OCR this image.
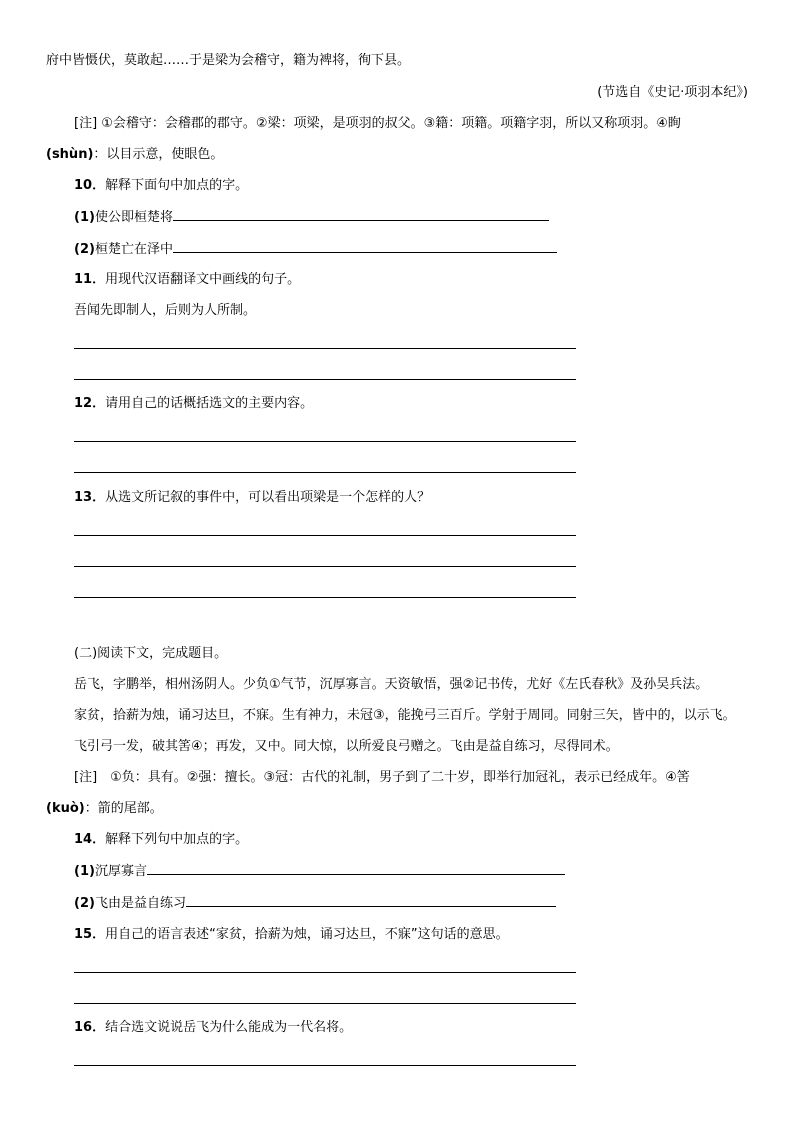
府中皆慑伏，莫敢起……于是梁为会稽守，籍为裨将，徇下县。
(节选自《史记·项羽本纪》)
[注] ①会稽守：会稽郡的郡守。②梁：项梁，是项羽的叔父。③籍：项籍。项籍字羽，所以又称项羽。④眴
(shùn)：以目示意，使眼色。
10．解释下面句中加点的字。
(1)使公即桓楚将
(2)桓楚亡在泽中
11．用现代汉语翻译文中画线的句子。
吾闻先即制人，后则为人所制。
12．请用自己的话概括选文的主要内容。
13．从选文所记叙的事件中，可以看出项梁是一个怎样的人？
(二)阅读下文，完成题目。
岳飞，字鹏举，相州汤阴人。少负①气节，沉厚寡言。天资敏悟，强②记书传，尤好《左氏春秋》及孙吴兵法。
家贫，拾薪为烛，诵习达旦，不寐。生有神力，未冠③，能挽弓三百斤。学射于周同。同射三矢，皆中的，以示飞。
飞引弓一发，破其筈④；再发，又中。同大惊，以所爱良弓赠之。飞由是益自练习，尽得同术。
[注]　①负：具有。②强：擅长。③冠：古代的礼制，男子到了二十岁，即举行加冠礼，表示已经成年。④筈
(kuò)：箭的尾部。
14．解释下列句中加点的字。
(1)沉厚寡言
(2)飞由是益自练习
15．用自己的语言表述“家贫，拾薪为烛，诵习达旦，不寐”这句话的意思。
16．结合选文说说岳飞为什么能成为一代名将。
